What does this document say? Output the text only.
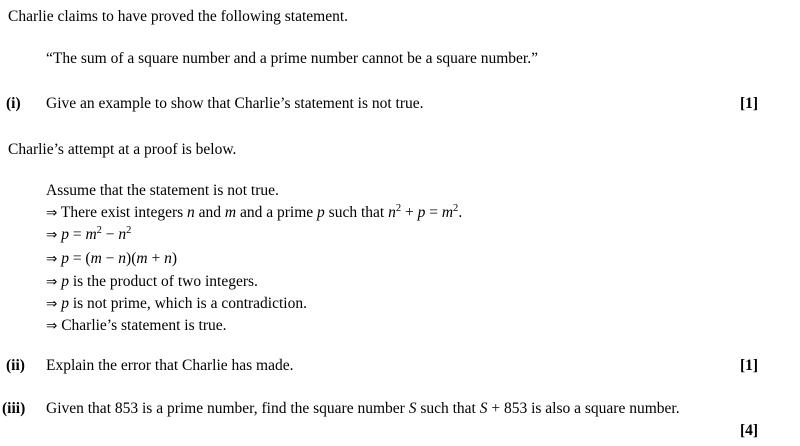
Charlie claims to have proved the following statement.
“The sum of a square number and a prime number cannot be a square number.”
(i) Give an example to show that Charlie’s statement is not true.	[1]
Charlie’s attempt at a proof is below.
Assume that the statement is not true.
⇒ There exist integers n and m and a prime p such that $n^2 + p = m^2$.
⇒ $p = m^2 - n^2$
⇒ p = (m − n)(m + n)
⇒ p is the product of two integers.
⇒ p is not prime, which is a contradiction.
⇒ Charlie’s statement is true.
(ii) Explain the error that Charlie has made.	[1]
(iii) Given that 853 is a prime number, find the square number S such that S + 853 is also a square number.
[4]
